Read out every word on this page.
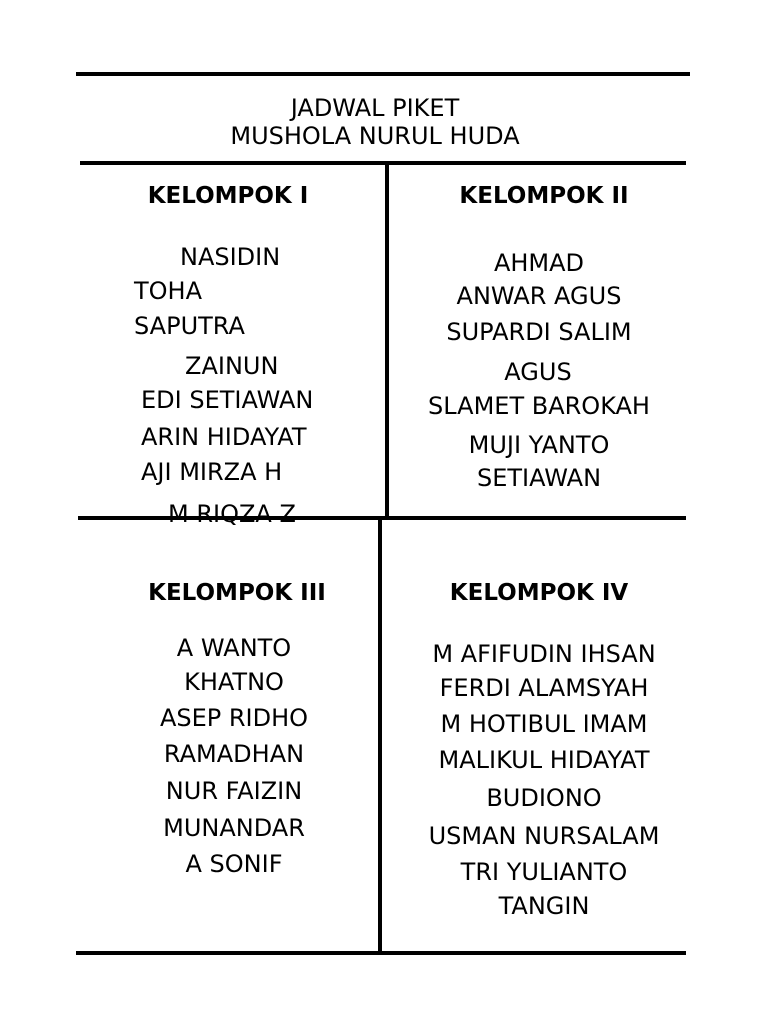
JADWAL PIKET
MUSHOLA NURUL HUDA
KELOMPOK I
NASIDIN
TOHA
SAPUTRA
ZAINUN
EDI SETIAWAN
ARIN HIDAYAT
AJI MIRZA H
M RIQZA Z
KELOMPOK II
AHMAD
ANWAR AGUS
SUPARDI SALIM
AGUS
SLAMET BAROKAH
MUJI YANTO
SETIAWAN
KELOMPOK III
A WANTO
KHATNO
ASEP RIDHO
RAMADHAN
NUR FAIZIN
MUNANDAR
A SONIF
KELOMPOK IV
M AFIFUDIN IHSAN
FERDI ALAMSYAH
M HOTIBUL IMAM
MALIKUL HIDAYAT
BUDIONO
USMAN NURSALAM
TRI YULIANTO
TANGIN
